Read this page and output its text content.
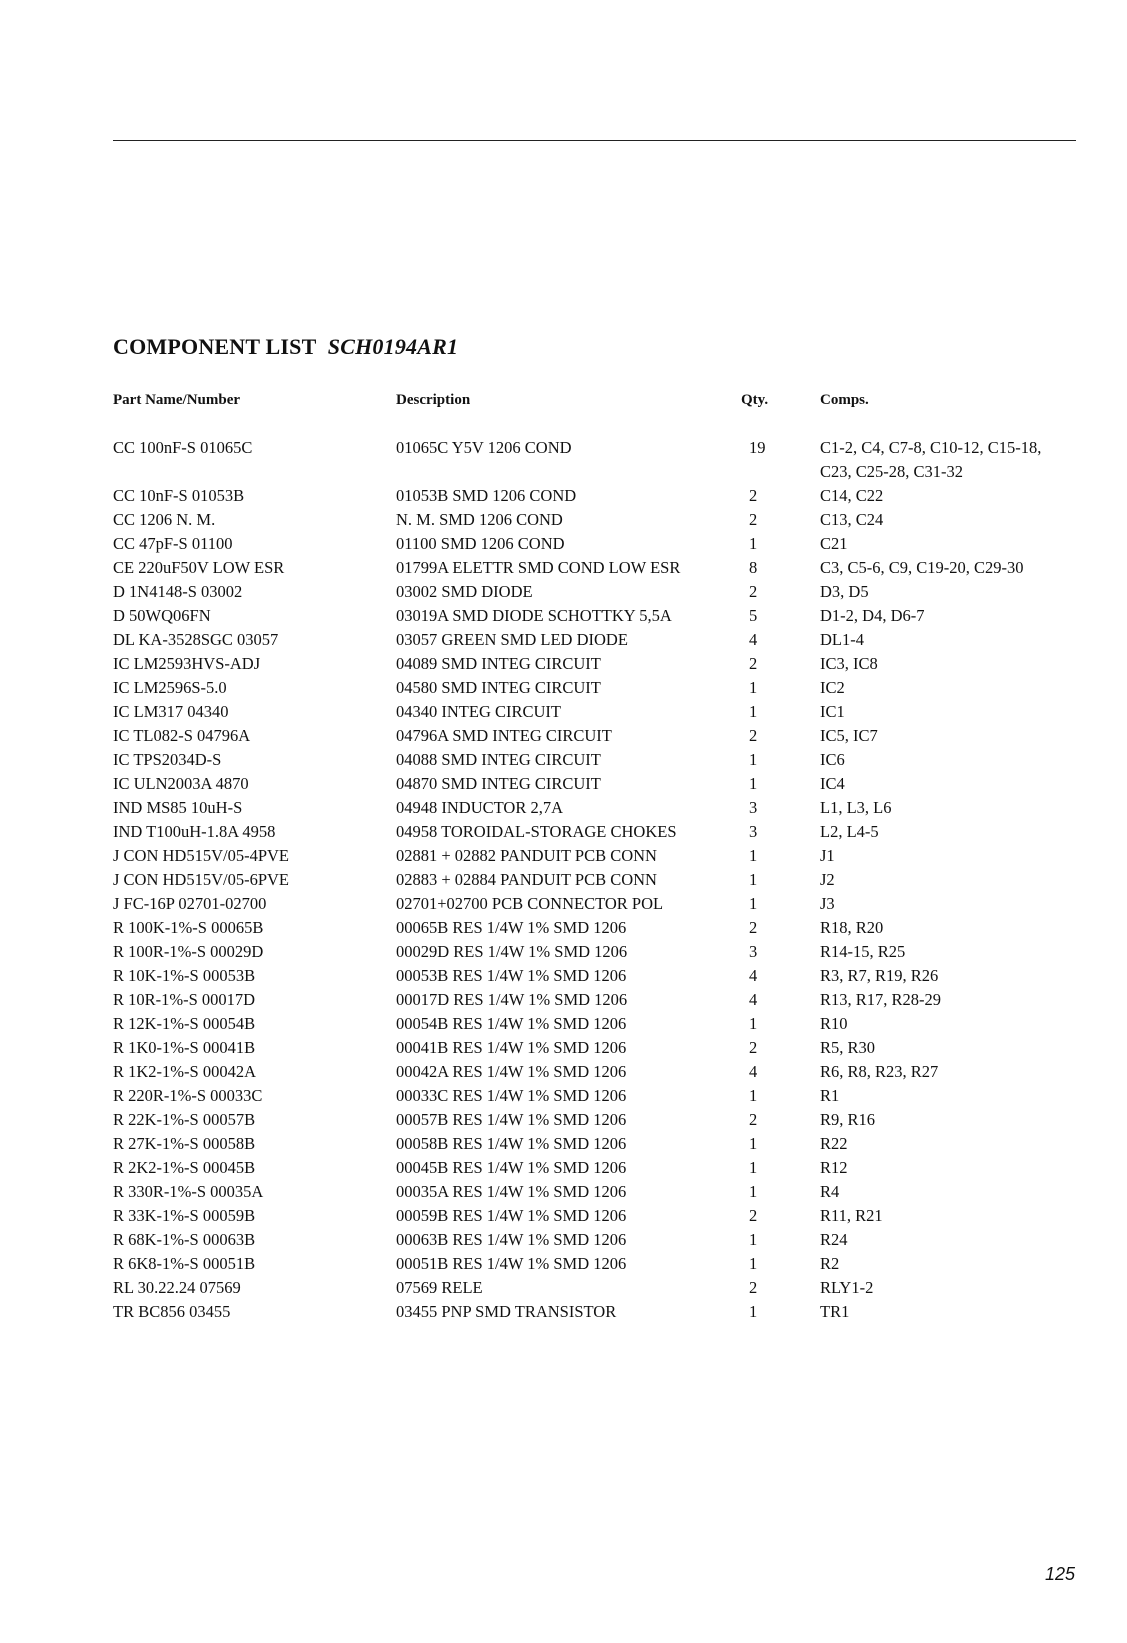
COMPONENT LIST SCH0194AR1
Part Name/Number	Description	Qty.	Comps.
CC 100nF-S 01065C	01065C Y5V 1206 COND	19	C1-2, C4, C7-8, C10-12, C15-18, C23, C25-28, C31-32
CC 10nF-S 01053B	01053B SMD 1206 COND	2	C14, C22
CC 1206 N. M.	N. M. SMD 1206 COND	2	C13, C24
CC 47pF-S 01100	01100 SMD 1206 COND	1	C21
CE 220uF50V LOW ESR	01799A ELETTR SMD COND LOW ESR	8	C3, C5-6, C9, C19-20, C29-30
D 1N4148-S 03002	03002 SMD DIODE	2	D3, D5
D 50WQ06FN	03019A SMD DIODE SCHOTTKY 5,5A	5	D1-2, D4, D6-7
DL KA-3528SGC 03057	03057 GREEN SMD LED DIODE	4	DL1-4
IC LM2593HVS-ADJ	04089 SMD INTEG CIRCUIT	2	IC3, IC8
IC LM2596S-5.0	04580 SMD INTEG CIRCUIT	1	IC2
IC LM317 04340	04340 INTEG CIRCUIT	1	IC1
IC TL082-S 04796A	04796A SMD INTEG CIRCUIT	2	IC5, IC7
IC TPS2034D-S	04088 SMD INTEG CIRCUIT	1	IC6
IC ULN2003A 4870	04870 SMD INTEG CIRCUIT	1	IC4
IND MS85 10uH-S	04948 INDUCTOR 2,7A	3	L1, L3, L6
IND T100uH-1.8A 4958	04958 TOROIDAL-STORAGE CHOKES	3	L2, L4-5
J CON HD515V/05-4PVE	02881 + 02882 PANDUIT PCB CONN	1	J1
J CON HD515V/05-6PVE	02883 + 02884 PANDUIT PCB CONN	1	J2
J FC-16P 02701-02700	02701+02700 PCB CONNECTOR POL	1	J3
R 100K-1%-S 00065B	00065B RES 1/4W 1% SMD 1206	2	R18, R20
R 100R-1%-S 00029D	00029D RES 1/4W 1% SMD 1206	3	R14-15, R25
R 10K-1%-S 00053B	00053B RES 1/4W 1% SMD 1206	4	R3, R7, R19, R26
R 10R-1%-S 00017D	00017D RES 1/4W 1% SMD 1206	4	R13, R17, R28-29
R 12K-1%-S 00054B	00054B RES 1/4W 1% SMD 1206	1	R10
R 1K0-1%-S 00041B	00041B RES 1/4W 1% SMD 1206	2	R5, R30
R 1K2-1%-S 00042A	00042A RES 1/4W 1% SMD 1206	4	R6, R8, R23, R27
R 220R-1%-S 00033C	00033C RES 1/4W 1% SMD 1206	1	R1
R 22K-1%-S 00057B	00057B RES 1/4W 1% SMD 1206	2	R9, R16
R 27K-1%-S 00058B	00058B RES 1/4W 1% SMD 1206	1	R22
R 2K2-1%-S 00045B	00045B RES 1/4W 1% SMD 1206	1	R12
R 330R-1%-S 00035A	00035A RES 1/4W 1% SMD 1206	1	R4
R 33K-1%-S 00059B	00059B RES 1/4W 1% SMD 1206	2	R11, R21
R 68K-1%-S 00063B	00063B RES 1/4W 1% SMD 1206	1	R24
R 6K8-1%-S 00051B	00051B RES 1/4W 1% SMD 1206	1	R2
RL 30.22.24 07569	07569 RELE	2	RLY1-2
TR BC856 03455	03455 PNP SMD TRANSISTOR	1	TR1
125
